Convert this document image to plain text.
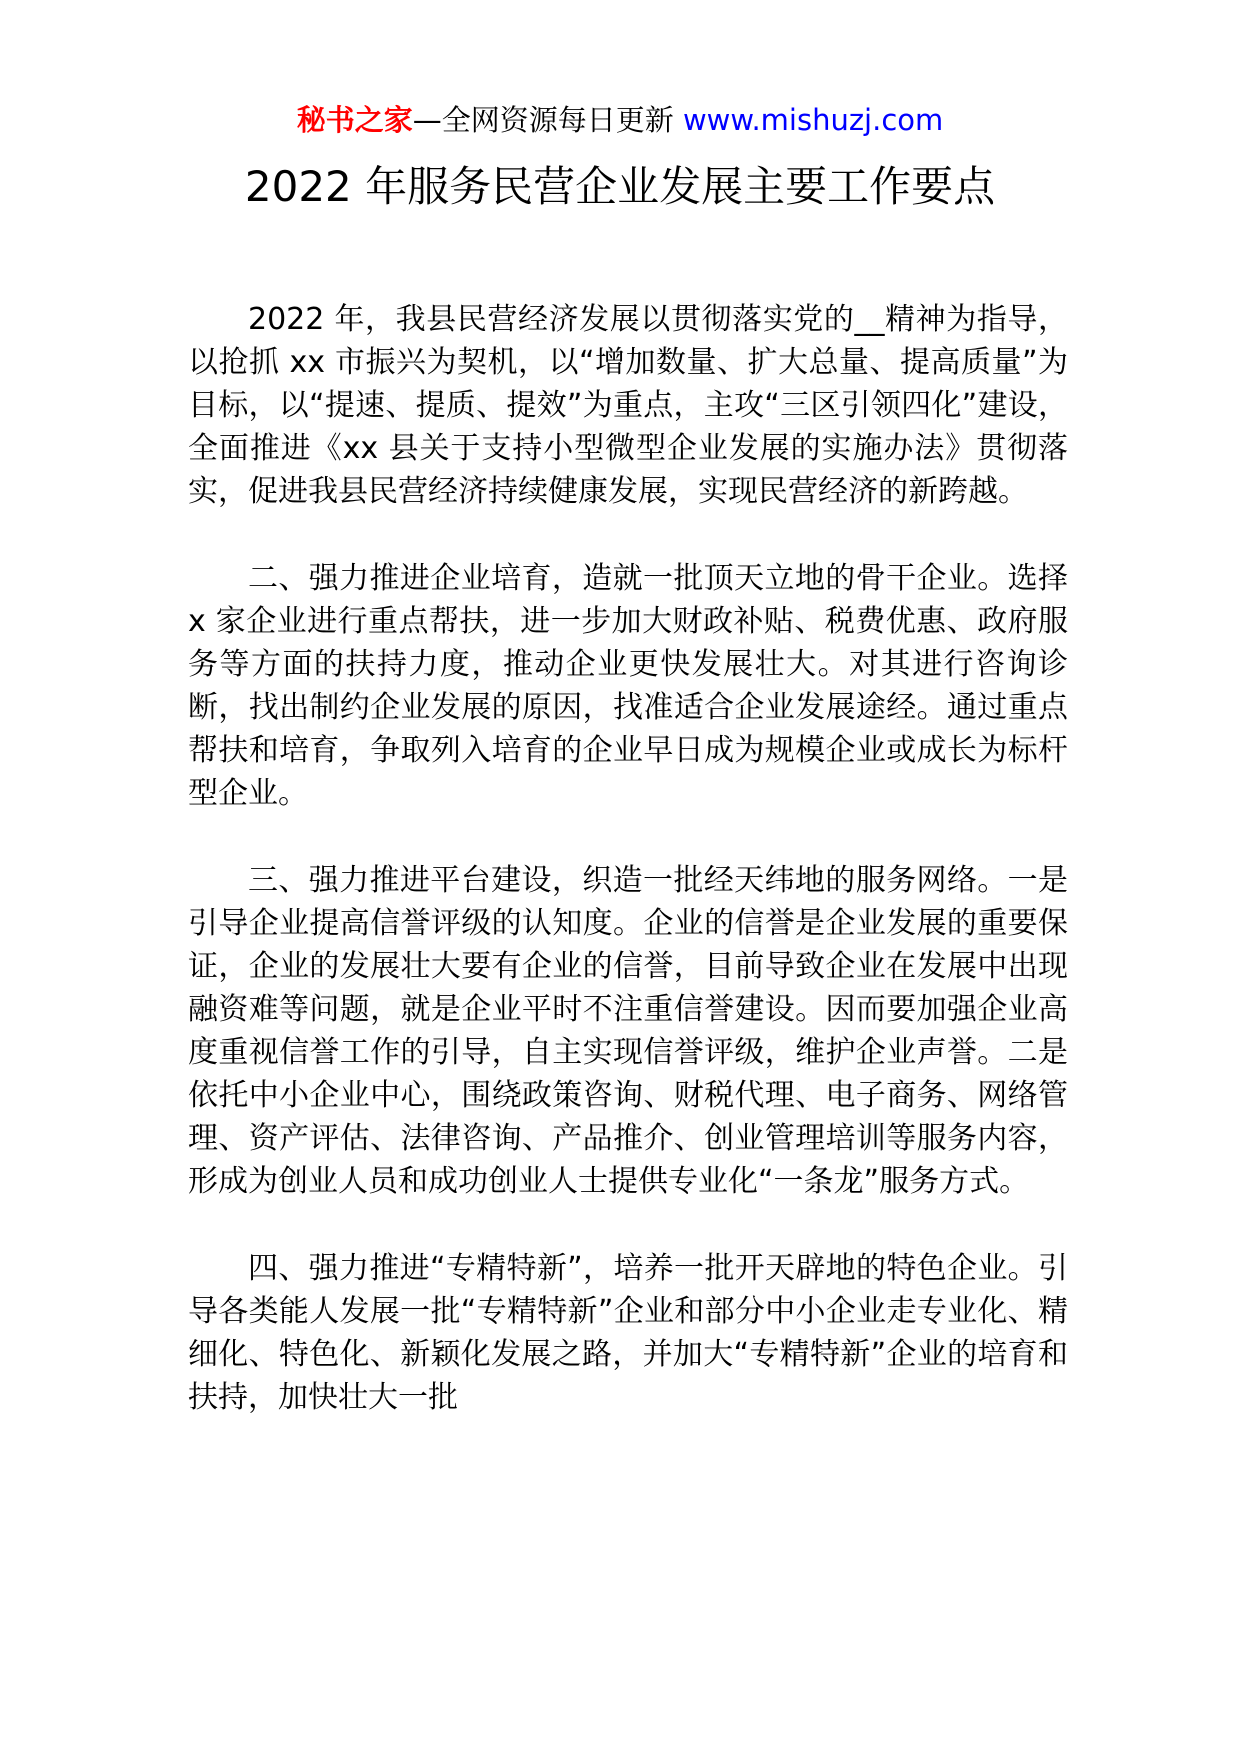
秘书之家—全网资源每日更新 www.mishuzj.com
2022 年服务民营企业发展主要工作要点

2022 年，我县民营经济发展以贯彻落实党的__精神为指导，以抢抓 xx 市振兴为契机，以“增加数量、扩大总量、提高质量”为目标，以“提速、提质、提效”为重点，主攻“三区引领四化”建设，全面推进《xx 县关于支持小型微型企业发展的实施办法》贯彻落实，促进我县民营经济持续健康发展，实现民营经济的新跨越。

二、强力推进企业培育，造就一批顶天立地的骨干企业。选择 x 家企业进行重点帮扶，进一步加大财政补贴、税费优惠、政府服务等方面的扶持力度，推动企业更快发展壮大。对其进行咨询诊断，找出制约企业发展的原因，找准适合企业发展途经。通过重点帮扶和培育，争取列入培育的企业早日成为规模企业或成长为标杆型企业。

三、强力推进平台建设，织造一批经天纬地的服务网络。一是引导企业提高信誉评级的认知度。企业的信誉是企业发展的重要保证，企业的发展壮大要有企业的信誉，目前导致企业在发展中出现融资难等问题，就是企业平时不注重信誉建设。因而要加强企业高度重视信誉工作的引导，自主实现信誉评级，维护企业声誉。二是依托中小企业中心，围绕政策咨询、财税代理、电子商务、网络管理、资产评估、法律咨询、产品推介、创业管理培训等服务内容，形成为创业人员和成功创业人士提供专业化“一条龙”服务方式。

四、强力推进“专精特新”，培养一批开天辟地的特色企业。引导各类能人发展一批“专精特新”企业和部分中小企业走专业化、精细化、特色化、新颖化发展之路，并加大“专精特新”企业的培育和扶持，加快壮大一批
